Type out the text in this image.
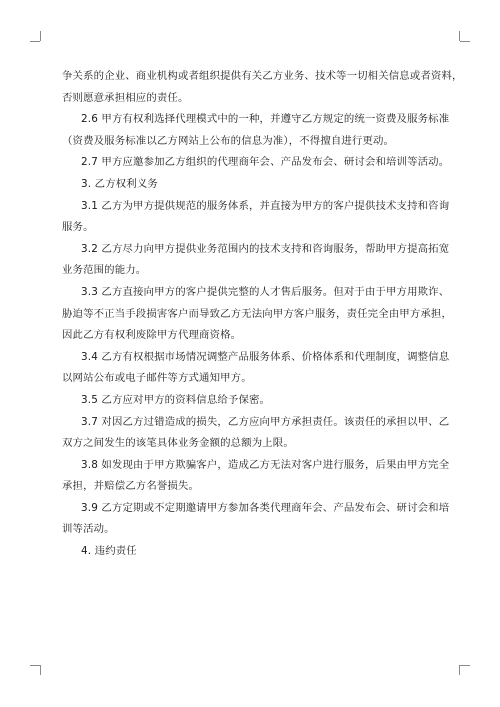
争关系的企业、商业机构或者组织提供有关乙方业务、技术等一切相关信息或者资料，
否则愿意承担相应的责任。
2.6 甲方有权利选择代理模式中的一种，并遵守乙方规定的统一资费及服务标准
（资费及服务标准以乙方网站上公布的信息为准），不得擅自进行更动。
2.7 甲方应邀参加乙方组织的代理商年会、产品发布会、研讨会和培训等活动。
3. 乙方权利义务
3.1 乙方为甲方提供规范的服务体系，并直接为甲方的客户提供技术支持和咨询
服务。
3.2 乙方尽力向甲方提供业务范围内的技术支持和咨询服务，帮助甲方提高拓宽
业务范围的能力。
3.3 乙方直接向甲方的客户提供完整的人才售后服务。但对于由于甲方用欺诈、
胁迫等不正当手段损害客户而导致乙方无法向甲方客户服务，责任完全由甲方承担，
因此乙方有权利废除甲方代理商资格。
3.4 乙方有权根据市场情况调整产品服务体系、价格体系和代理制度，调整信息
以网站公布或电子邮件等方式通知甲方。
3.5 乙方应对甲方的资料信息给予保密。
3.7 对因乙方过错造成的损失，乙方应向甲方承担责任。该责任的承担以甲、乙
双方之间发生的该笔具体业务金额的总额为上限。
3.8 如发现由于甲方欺骗客户，造成乙方无法对客户进行服务，后果由甲方完全
承担，并赔偿乙方名誉损失。
3.9 乙方定期或不定期邀请甲方参加各类代理商年会、产品发布会、研讨会和培
训等活动。
4. 违约责任
